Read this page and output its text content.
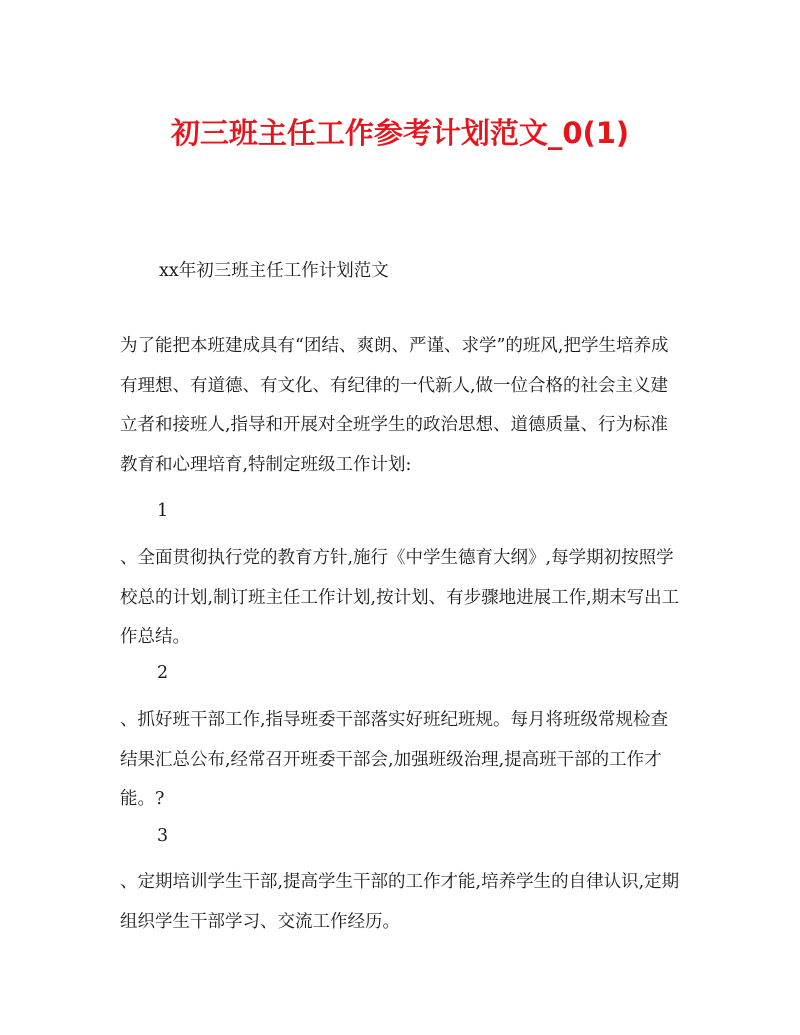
初三班主任工作参考计划范文_0(1)

xx年初三班主任工作计划范文

为了能把本班建成具有“团结、爽朗、严谨、求学”的班风,把学生培养成有理想、有道德、有文化、有纪律的一代新人,做一位合格的社会主义建立者和接班人,指导和开展对全班学生的政治思想、道德质量、行为标准教育和心理培育,特制定班级工作计划:

1

、全面贯彻执行党的教育方针,施行《中学生德育大纲》,每学期初按照学校总的计划,制订班主任工作计划,按计划、有步骤地进展工作,期末写出工作总结。

2

、抓好班干部工作,指导班委干部落实好班纪班规。每月将班级常规检查结果汇总公布,经常召开班委干部会,加强班级治理,提高班干部的工作才能。?

3

、定期培训学生干部,提高学生干部的工作才能,培养学生的自律认识,定期组织学生干部学习、交流工作经历。
